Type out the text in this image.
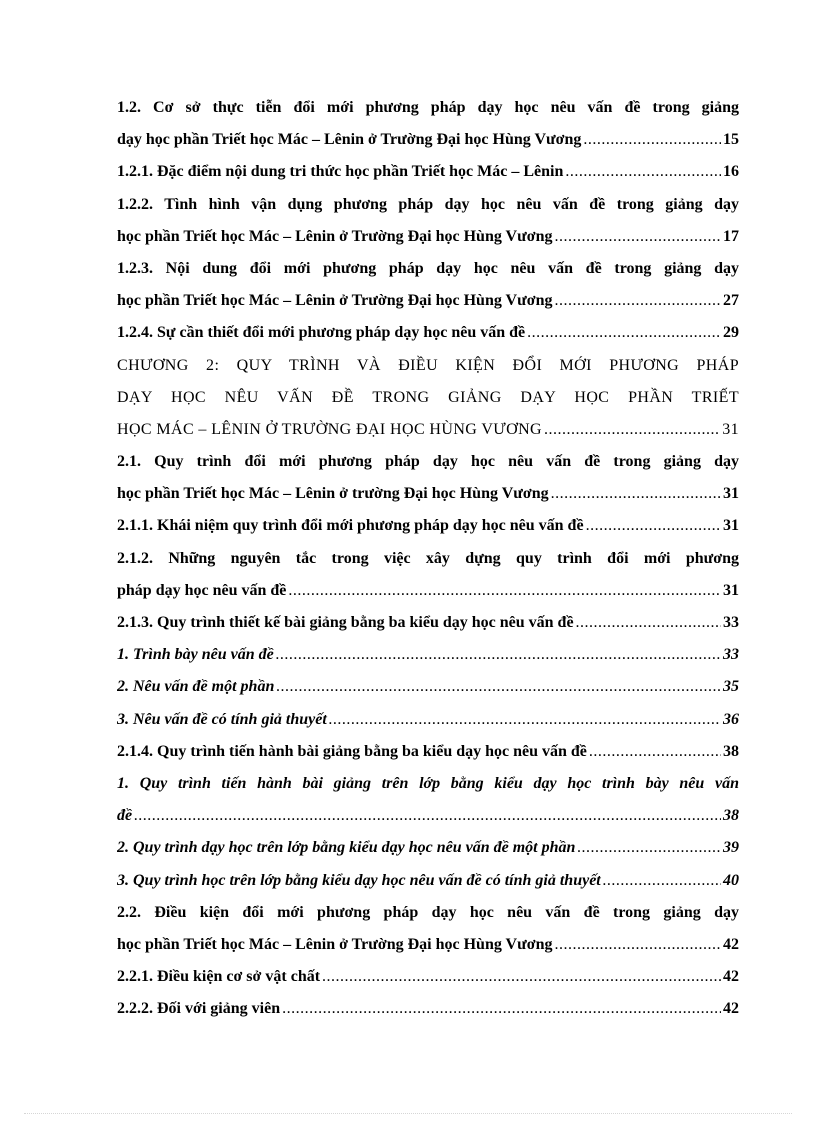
1.2. Cơ sở thực tiễn đổi mới phương pháp dạy học nêu vấn đề trong giảng
dạy học phần Triết học Mác – Lênin ở Trường Đại học Hùng Vương .....	15
1.2.1. Đặc điểm nội dung tri thức học phần Triết học Mác – Lênin .....	16
1.2.2. Tình hình vận dụng phương pháp dạy học nêu vấn đề trong giảng dạy
học phần Triết học Mác – Lênin ở Trường Đại học Hùng Vương .....	17
1.2.3. Nội dung đổi mới phương pháp dạy học nêu vấn đề trong giảng dạy
học phần Triết học Mác – Lênin ở Trường Đại học Hùng Vương .....	27
1.2.4. Sự cần thiết đổi mới phương pháp dạy học nêu vấn đề .....	29
CHƯƠNG 2: QUY TRÌNH VÀ ĐIỀU KIỆN ĐỔI MỚI PHƯƠNG PHÁP
DẠY HỌC NÊU VẤN ĐỀ TRONG GIẢNG DẠY HỌC PHẦN TRIẾT
HỌC MÁC – LÊNIN Ở TRƯỜNG ĐẠI HỌC HÙNG VƯƠNG .....	31
2.1. Quy trình đổi mới phương pháp dạy học nêu vấn đề trong giảng dạy
học phần Triết học Mác – Lênin ở trường Đại học Hùng Vương .....	31
2.1.1. Khái niệm quy trình đổi mới phương pháp dạy học nêu vấn đề .....	31
2.1.2. Những nguyên tắc trong việc xây dựng quy trình đổi mới phương
pháp dạy học nêu vấn đề .....	31
2.1.3. Quy trình thiết kế bài giảng bằng ba kiểu dạy học nêu vấn đề .....	33
1. Trình bày nêu vấn đề .....	33
2. Nêu vấn đề một phần .....	35
3. Nêu vấn đề có tính giả thuyết .....	36
2.1.4. Quy trình tiến hành bài giảng bằng ba kiểu dạy học nêu vấn đề .....	38
1. Quy trình tiến hành bài giảng trên lớp bằng kiểu dạy học trình bày nêu vấn
đề .....	38
2. Quy trình dạy học trên lớp bằng kiểu dạy học nêu vấn đề một phần .....	39
3. Quy trình học trên lớp bằng kiểu dạy học nêu vấn đề có tính giả thuyết .....	40
2.2. Điều kiện đổi mới phương pháp dạy học nêu vấn đề trong giảng dạy
học phần Triết học Mác – Lênin ở Trường Đại học Hùng Vương .....	42
2.2.1. Điều kiện cơ sở vật chất .....	42
2.2.2. Đối với giảng viên .....	42
